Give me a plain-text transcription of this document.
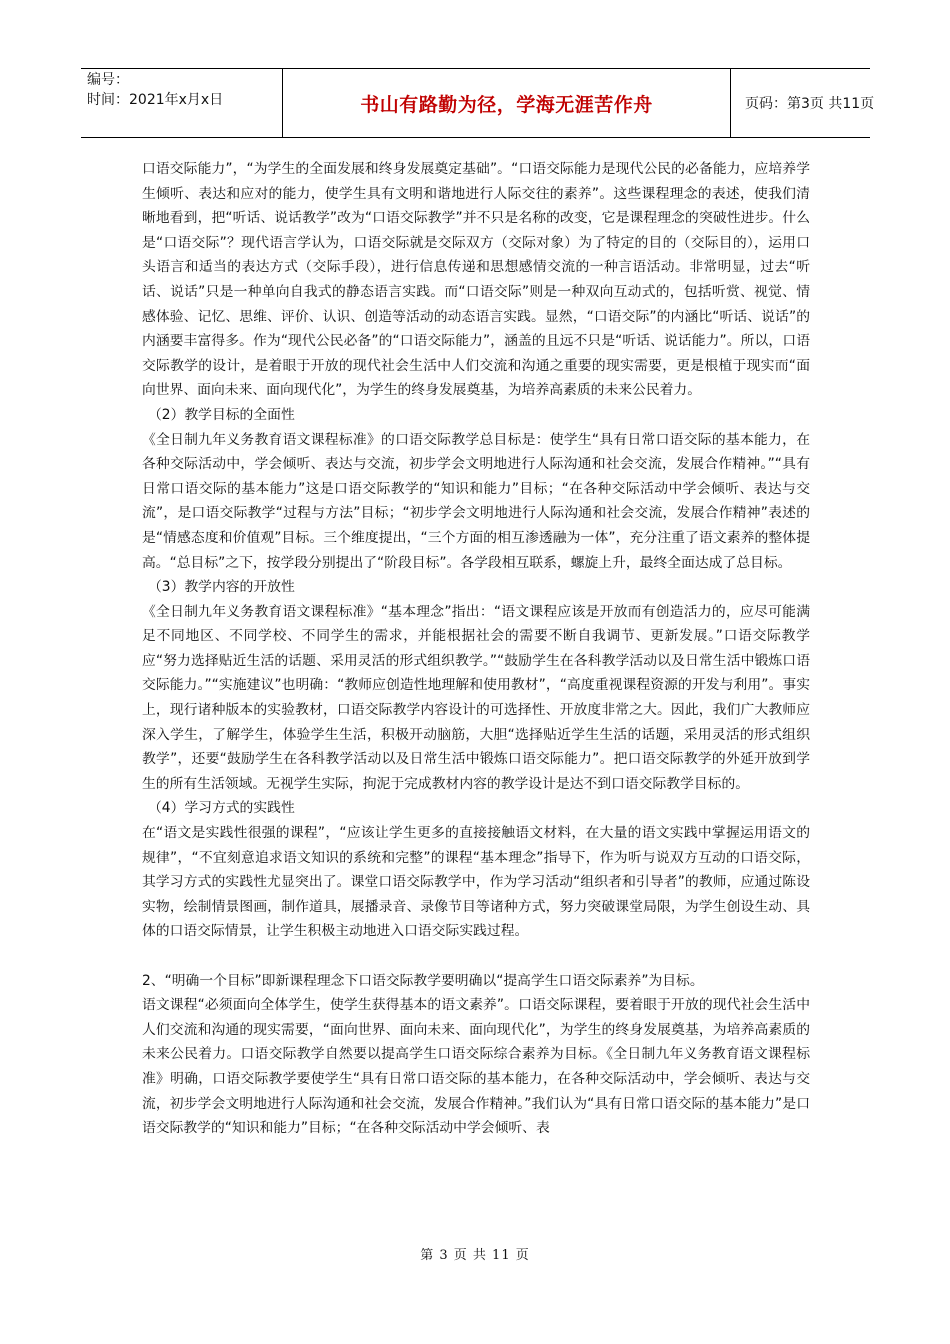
编号：
时间：2021年x月x日	书山有路勤为径，学海无涯苦作舟	页码：第3页 共11页

口语交际能力”，“为学生的全面发展和终身发展奠定基础”。“口语交际能力是现代公民的必备能力，应培养学生倾听、表达和应对的能力，使学生具有文明和谐地进行人际交往的素养”。这些课程理念的表述，使我们清晰地看到，把“听话、说话教学”改为“口语交际教学”并不只是名称的改变，它是课程理念的突破性进步。什么是“口语交际”？现代语言学认为，口语交际就是交际双方（交际对象）为了特定的目的（交际目的），运用口头语言和适当的表达方式（交际手段），进行信息传递和思想感情交流的一种言语活动。非常明显，过去“听话、说话”只是一种单向自我式的静态语言实践。而“口语交际”则是一种双向互动式的，包括听赏、视觉、情感体验、记忆、思维、评价、认识、创造等活动的动态语言实践。显然，“口语交际”的内涵比“听话、说话”的内涵要丰富得多。作为“现代公民必备”的“口语交际能力”，涵盖的且远不只是“听话、说话能力”。所以，口语交际教学的设计，是着眼于开放的现代社会生活中人们交流和沟通之重要的现实需要，更是根植于现实而“面向世界、面向未来、面向现代化”，为学生的终身发展奠基，为培养高素质的未来公民着力。

（2）教学目标的全面性

《全日制九年义务教育语文课程标准》的口语交际教学总目标是：使学生“具有日常口语交际的基本能力，在各种交际活动中，学会倾听、表达与交流，初步学会文明地进行人际沟通和社会交流，发展合作精神。”“具有日常口语交际的基本能力”这是口语交际教学的“知识和能力”目标；“在各种交际活动中学会倾听、表达与交流”，是口语交际教学“过程与方法”目标；“初步学会文明地进行人际沟通和社会交流，发展合作精神”表述的是“情感态度和价值观”目标。三个维度提出，“三个方面的相互渗透融为一体”，充分注重了语文素养的整体提高。“总目标”之下，按学段分别提出了“阶段目标”。各学段相互联系，螺旋上升，最终全面达成了总目标。

（3）教学内容的开放性

《全日制九年义务教育语文课程标准》“基本理念”指出：“语文课程应该是开放而有创造活力的，应尽可能满足不同地区、不同学校、不同学生的需求，并能根据社会的需要不断自我调节、更新发展。”口语交际教学应“努力选择贴近生活的话题、采用灵活的形式组织教学。”“鼓励学生在各科教学活动以及日常生活中锻炼口语交际能力。”“实施建议”也明确：“教师应创造性地理解和使用教材”，“高度重视课程资源的开发与利用”。事实上，现行诸种版本的实验教材，口语交际教学内容设计的可选择性、开放度非常之大。因此，我们广大教师应深入学生，了解学生，体验学生生活，积极开动脑筋，大胆“选择贴近学生生活的话题，采用灵活的形式组织教学”，还要“鼓励学生在各科教学活动以及日常生活中锻炼口语交际能力”。把口语交际教学的外延开放到学生的所有生活领域。无视学生实际，拘泥于完成教材内容的教学设计是达不到口语交际教学目标的。

（4）学习方式的实践性

在“语文是实践性很强的课程”，“应该让学生更多的直接接触语文材料，在大量的语文实践中掌握运用语文的规律”，“不宜刻意追求语文知识的系统和完整”的课程“基本理念”指导下，作为听与说双方互动的口语交际，其学习方式的实践性尤显突出了。课堂口语交际教学中，作为学习活动“组织者和引导者”的教师，应通过陈设实物，绘制情景图画，制作道具，展播录音、录像节目等诸种方式，努力突破课堂局限，为学生创设生动、具体的口语交际情景，让学生积极主动地进入口语交际实践过程。

2、“明确一个目标”即新课程理念下口语交际教学要明确以“提高学生口语交际素养”为目标。

语文课程“必须面向全体学生，使学生获得基本的语文素养”。口语交际课程，要着眼于开放的现代社会生活中人们交流和沟通的现实需要，“面向世界、面向未来、面向现代化”，为学生的终身发展奠基，为培养高素质的未来公民着力。口语交际教学自然要以提高学生口语交际综合素养为目标。《全日制九年义务教育语文课程标准》明确，口语交际教学要使学生“具有日常口语交际的基本能力，在各种交际活动中，学会倾听、表达与交流，初步学会文明地进行人际沟通和社会交流，发展合作精神。”我们认为“具有日常口语交际的基本能力”是口语交际教学的“知识和能力”目标；“在各种交际活动中学会倾听、表

第 3 页 共 11 页
